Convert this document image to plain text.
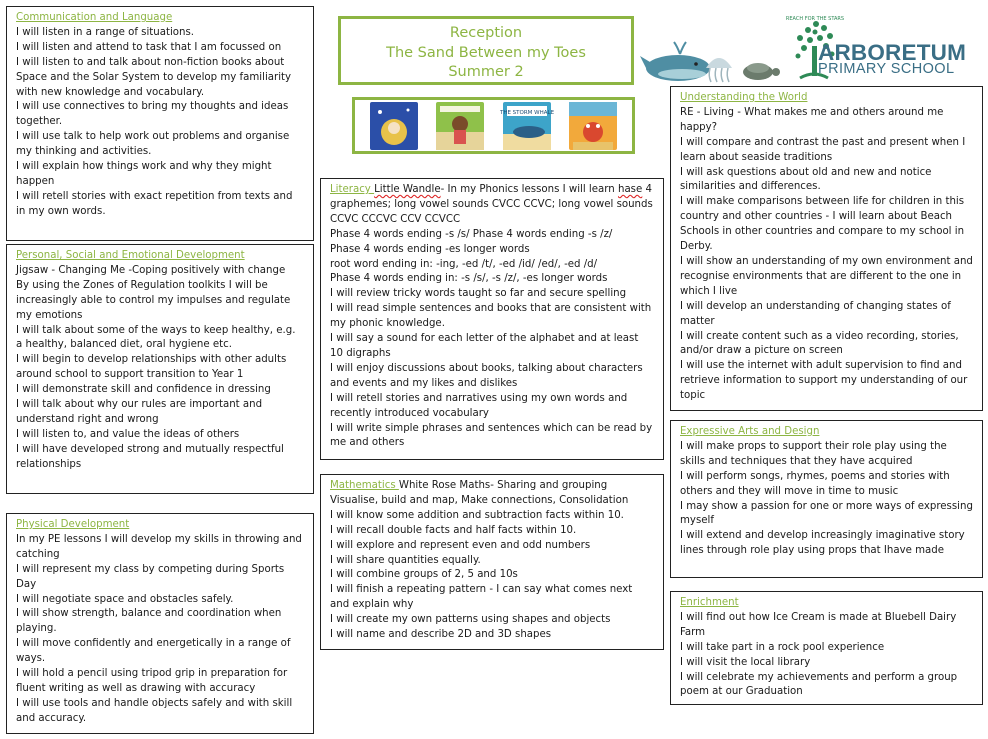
Reception
The Sand Between my Toes
Summer 2
THE STORM WHALE
REACH FOR THE STARS
ARBORETUM
PRIMARY SCHOOL

Communication and Language

I will listen in a range of situations.

I will listen and attend to task that I am focussed on

I will listen to and talk about non-fiction books about Space and the Solar System to develop my familiarity with new knowledge and vocabulary.

I will use connectives to bring my thoughts and ideas together.

I will use talk to help work out problems and organise my thinking and activities.

I will explain how things work and why they might happen

I will retell stories with exact repetition from texts and in my own words.

Personal, Social and Emotional Development

Jigsaw - Changing Me -Coping positively with change

By using the Zones of Regulation toolkits I will be increasingly able to control my impulses and regulate my emotions

I will talk about some of the ways to keep healthy, e.g. a healthy, balanced diet, oral hygiene etc.

I will begin to develop relationships with other adults around school to support transition to Year 1

I will demonstrate skill and confidence in dressing

I will talk about why our rules are important and understand right and wrong

I will listen to, and value the ideas of others

I will have developed strong and mutually respectful relationships

Physical Development

In my PE lessons I will develop my skills in throwing and catching

I will represent my class by competing during Sports Day

I will negotiate space and obstacles safely.

I will show strength, balance and coordination when playing.

I will move confidently and energetically in a range of ways.

I will hold a pencil using tripod grip in preparation for fluent writing as well as drawing with accuracy

I will use tools and handle objects safely and with skill and accuracy.

Literacy Little Wandle- In my Phonics lessons I will learn hase 4 graphemes; long vowel sounds CVCC CCVC; long vowel sounds CCVC CCCVC CCV CCVCC

Phase 4 words ending -s /s/ Phase 4 words ending -s /z/

Phase 4 words ending -es longer words

root word ending in: -ing, -ed /t/, -ed /id/ /ed/, -ed /d/

Phase 4 words ending in: -s /s/, -s /z/, -es longer words

I will review tricky words taught so far and secure spelling

I will read simple sentences and books that are consistent with my phonic knowledge.

I will say a sound for each letter of the alphabet and at least 10 digraphs

I will enjoy discussions about books, talking about characters and events and my likes and dislikes

I will retell stories and narratives using my own words and recently introduced vocabulary

I will write simple phrases and sentences which can be read by me and others

Mathematics White Rose Maths- Sharing and grouping Visualise, build and map, Make connections, Consolidation

I will know some addition and subtraction facts within 10.

I will recall double facts and half facts within 10.

I will explore and represent even and odd numbers

I will share quantities equally.

I will combine groups of 2, 5 and 10s

I will finish a repeating pattern - I can say what comes next and explain why

I will create my own patterns using shapes and objects

I will name and describe 2D and 3D shapes

Understanding the World

RE - Living - What makes me and others around me happy?

I will compare and contrast the past and present when I learn about seaside traditions

I will ask questions about old and new and notice similarities and differences.

I will make comparisons between life for children in this country and other countries - I will learn about Beach Schools in other countries and compare to my school in Derby.

I will show an understanding of my own environment and recognise environments that are different to the one in which I live

I will develop an understanding of changing states of matter

I will create content such as a video recording, stories, and/or draw a picture on screen

I will use the internet with adult supervision to find and retrieve information to support my understanding of our topic

Expressive Arts and Design

I will make props to support their role play using the skills and techniques that they have acquired

I will perform songs, rhymes, poems and stories with others and they will move in time to music

I may show a passion for one or more ways of expressing myself

I will extend and develop increasingly imaginative story lines through role play using props that Ihave made

Enrichment

I will find out how Ice Cream is made at Bluebell Dairy Farm

I will take part in a rock pool experience

I will visit the local library

I will celebrate my achievements and perform a group poem at our Graduation
